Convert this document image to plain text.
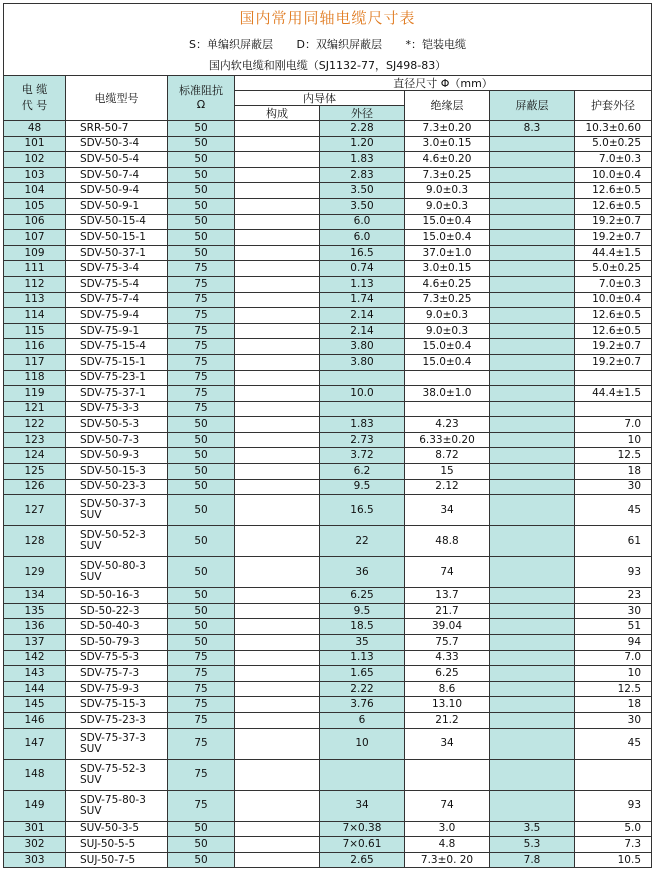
国内常用同轴电缆尺寸表							
S：单编织屏蔽层 D：双编织屏蔽层 *：铠装电缆							
国内软电缆和刚电缆（SJ1132-77，SJ498-83）							
电 缆
代 号	电缆型号	标准阻抗
Ω	直径尺寸 Φ（mm）				
			内导体		绝缘层	屏蔽层	护套外径
			构成	外径			
48	SRR-50-7	50		2.28	7.3±0.20	8.3	10.3±0.60
101	SDV-50-3-4	50		1.20	3.0±0.15		5.0±0.25
102	SDV-50-5-4	50		1.83	4.6±0.20		7.0±0.3
103	SDV-50-7-4	50		2.83	7.3±0.25		10.0±0.4
104	SDV-50-9-4	50		3.50	9.0±0.3		12.6±0.5
105	SDV-50-9-1	50		3.50	9.0±0.3		12.6±0.5
106	SDV-50-15-4	50		6.0	15.0±0.4		19.2±0.7
107	SDV-50-15-1	50		6.0	15.0±0.4		19.2±0.7
109	SDV-50-37-1	50		16.5	37.0±1.0		44.4±1.5
111	SDV-75-3-4	75		0.74	3.0±0.15		5.0±0.25
112	SDV-75-5-4	75		1.13	4.6±0.25		7.0±0.3
113	SDV-75-7-4	75		1.74	7.3±0.25		10.0±0.4
114	SDV-75-9-4	75		2.14	9.0±0.3		12.6±0.5
115	SDV-75-9-1	75		2.14	9.0±0.3		12.6±0.5
116	SDV-75-15-4	75		3.80	15.0±0.4		19.2±0.7
117	SDV-75-15-1	75		3.80	15.0±0.4		19.2±0.7
118	SDV-75-23-1	75					
119	SDV-75-37-1	75		10.0	38.0±1.0		44.4±1.5
121	SDV-75-3-3	75					
122	SDV-50-5-3	50		1.83	4.23		7.0
123	SDV-50-7-3	50		2.73	6.33±0.20		10
124	SDV-50-9-3	50		3.72	8.72		12.5
125	SDV-50-15-3	50		6.2	15		18
126	SDV-50-23-3	50		9.5	2.12		30
127	SDV-50-37-3 SUV	50		16.5	34		45
128	SDV-50-52-3 SUV	50		22	48.8		61
129	SDV-50-80-3 SUV	50		36	74		93
134	SD-50-16-3	50		6.25	13.7		23
135	SD-50-22-3	50		9.5	21.7		30
136	SD-50-40-3	50		18.5	39.04		51
137	SD-50-79-3	50		35	75.7		94
142	SDV-75-5-3	75		1.13	4.33		7.0
143	SDV-75-7-3	75		1.65	6.25		10
144	SDV-75-9-3	75		2.22	8.6		12.5
145	SDV-75-15-3	75		3.76	13.10		18
146	SDV-75-23-3	75		6	21.2		30
147	SDV-75-37-3 SUV	75		10	34		45
148	SDV-75-52-3 SUV	75					
149	SDV-75-80-3 SUV	75		34	74		93
301	SUV-50-3-5	50		7×0.38	3.0	3.5	5.0
302	SUJ-50-5-5	50		7×0.61	4.8	5.3	7.3
303	SUJ-50-7-5	50		2.65	7.3±0. 20	7.8	10.5
